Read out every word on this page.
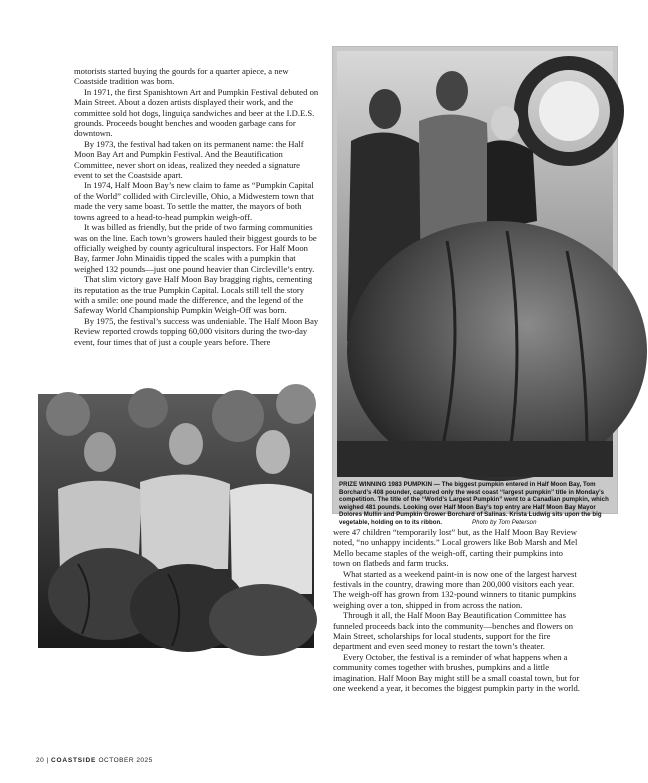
motorists started buying the gourds for a quarter apiece, a new Coastside tradition was born.

In 1971, the first Spanishtown Art and Pumpkin Festival debuted on Main Street. About a dozen artists displayed their work, and the committee sold hot dogs, linguiça sandwiches and beer at the I.D.E.S. grounds. Proceeds bought benches and wooden garbage cans for downtown.

By 1973, the festival had taken on its permanent name: the Half Moon Bay Art and Pumpkin Festival. And the Beautification Committee, never short on ideas, realized they needed a signature event to set the Coastside apart.

In 1974, Half Moon Bay’s new claim to fame as “Pumpkin Capital of the World” collided with Circleville, Ohio, a Midwestern town that made the very same boast. To settle the matter, the mayors of both towns agreed to a head-to-head pumpkin weigh-off.

It was billed as friendly, but the pride of two farming communities was on the line. Each town’s growers hauled their biggest gourds to be officially weighed by county agricultural inspectors. For Half Moon Bay, farmer John Minaidis tipped the scales with a pumpkin that weighed 132 pounds—just one pound heavier than Circleville’s entry.

That slim victory gave Half Moon Bay bragging rights, cementing its reputation as the true Pumpkin Capital. Locals still tell the story with a smile: one pound made the difference, and the legend of the Safeway World Championship Pumpkin Weigh-Off was born.

By 1975, the festival’s success was undeniable. The Half Moon Bay Review reported crowds topping 60,000 visitors during the two-day event, four times that of just a couple years before. There

PRIZE WINNING 1983 PUMPKIN — The biggest pumpkin entered in Half Moon Bay, Tom Borchard’s 408 pounder, captured only the west coast ‘‘largest pumpkin’’ title in Monday’s competition. The title of the ‘‘World’s Largest Pumpkin’’ went to a Canadian pumpkin, which weighed 481 pounds. Looking over Half Moon Bay’s top entry are Half Moon Bay Mayor Dolores Mullin and Pumpkin Grower Borchard of Salinas. Krista Ludwig sits upon the big vegetable, holding on to its ribbon.	Photo by Tom Peterson

were 47 children “temporarily lost” but, as the Half Moon Bay Review noted, “no unhappy incidents.” Local growers like Bob Marsh and Mel Mello became staples of the weigh-off, carting their pumpkins into town on flatbeds and farm trucks.

What started as a weekend paint-in is now one of the largest harvest festivals in the country, drawing more than 200,000 visitors each year. The weigh-off has grown from 132-pound winners to titanic pumpkins weighing over a ton, shipped in from across the nation.

Through it all, the Half Moon Bay Beautification Committee has funneled proceeds back into the community—benches and flowers on Main Street, scholarships for local students, support for the fire department and even seed money to restart the town’s theater.

Every October, the festival is a reminder of what happens when a community comes together with brushes, pumpkins and a little imagination. Half Moon Bay might still be a small coastal town, but for one weekend a year, it becomes the biggest pumpkin party in the world.

20 | COASTSIDE OCTOBER 2025
